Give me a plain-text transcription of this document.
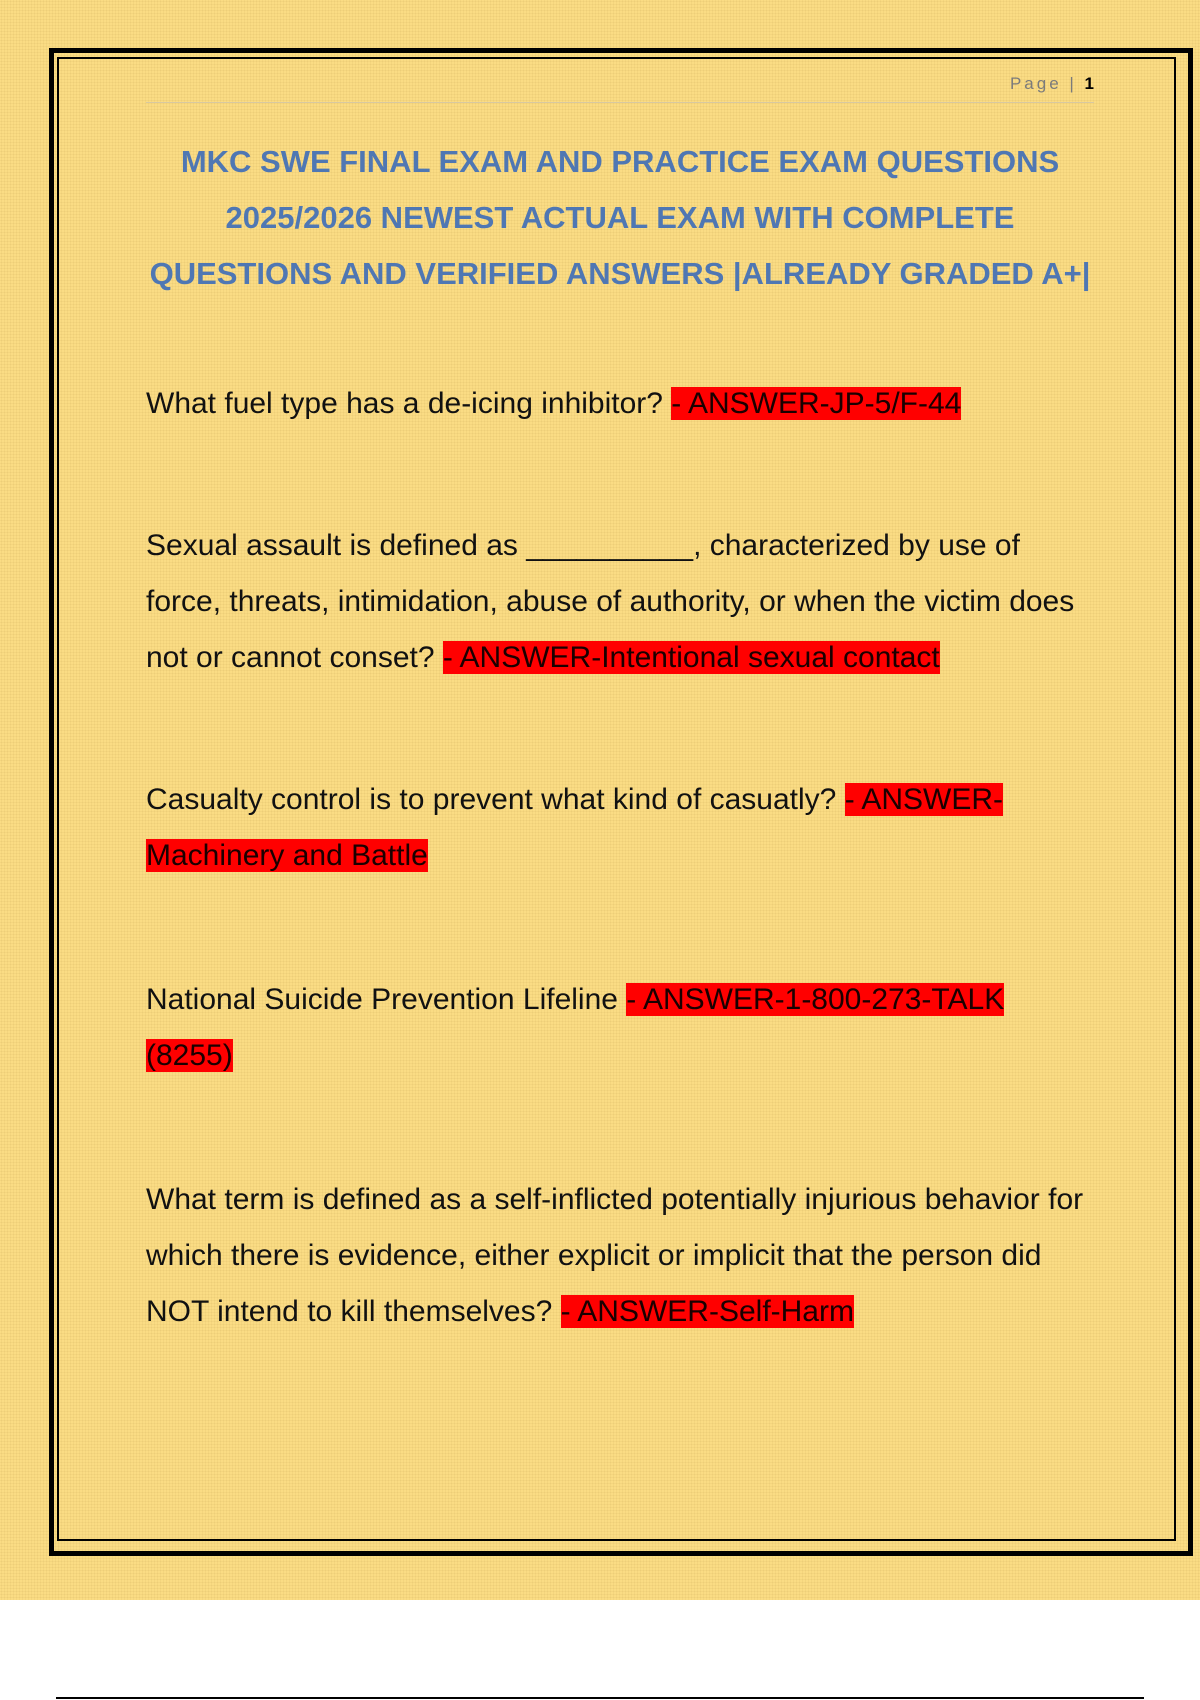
Page | 1
MKC SWE FINAL EXAM AND PRACTICE EXAM QUESTIONS 2025/2026 NEWEST ACTUAL EXAM WITH COMPLETE QUESTIONS AND VERIFIED ANSWERS |ALREADY GRADED A+|

What fuel type has a de-icing inhibitor? - ANSWER-JP-5/F-44

Sexual assault is defined as __________, characterized by use of force, threats, intimidation, abuse of authority, or when the victim does not or cannot conset? - ANSWER-Intentional sexual contact

Casualty control is to prevent what kind of casuatly? - ANSWER-Machinery and Battle

National Suicide Prevention Lifeline - ANSWER-1-800-273-TALK (8255)

What term is defined as a self-inflicted potentially injurious behavior for which there is evidence, either explicit or implicit that the person did NOT intend to kill themselves? - ANSWER-Self-Harm
